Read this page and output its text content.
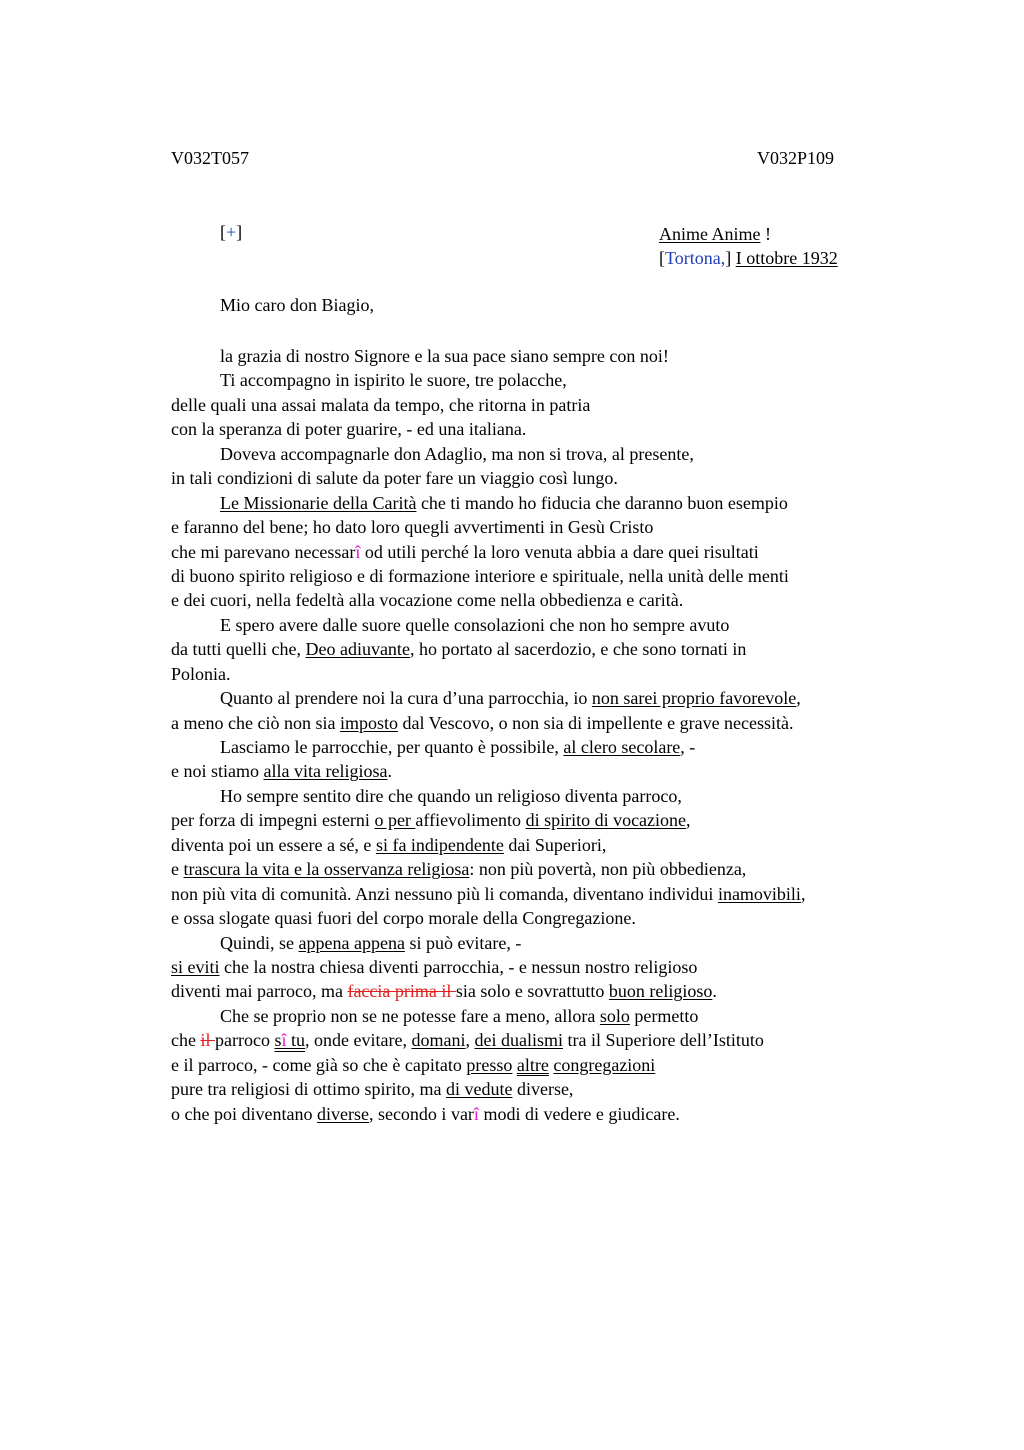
V032T057	V032P109
[+]	Anime Anime !
[Tortona,] I ottobre 1932
Mio caro don Biagio,
la grazia di nostro Signore e la sua pace siano sempre con noi!
Ti accompagno in ispirito le suore, tre polacche,
delle quali una assai malata da tempo, che ritorna in patria
con la speranza di poter guarire, - ed una italiana.
Doveva accompagnarle don Adaglio, ma non si trova, al presente,
in tali condizioni di salute da poter fare un viaggio così lungo.
Le Missionarie della Carità che ti mando ho fiducia che daranno buon esempio
e faranno del bene; ho dato loro quegli avvertimenti in Gesù Cristo
che mi parevano necessarî od utili perché la loro venuta abbia a dare quei risultati
di buono spirito religioso e di formazione interiore e spirituale, nella unità delle menti
e dei cuori, nella fedeltà alla vocazione come nella obbedienza e carità.
E spero avere dalle suore quelle consolazioni che non ho sempre avuto
da tutti quelli che, Deo adiuvante, ho portato al sacerdozio, e che sono tornati in
Polonia.
Quanto al prendere noi la cura d’una parrocchia, io non sarei proprio favorevole,
a meno che ciò non sia imposto dal Vescovo, o non sia di impellente e grave necessità.
Lasciamo le parrocchie, per quanto è possibile, al clero secolare, -
e noi stiamo alla vita religiosa.
Ho sempre sentito dire che quando un religioso diventa parroco,
per forza di impegni esterni o per affievolimento di spirito di vocazione,
diventa poi un essere a sé, e si fa indipendente dai Superiori,
e trascura la vita e la osservanza religiosa: non più povertà, non più obbedienza,
non più vita di comunità. Anzi nessuno più li comanda, diventano individui inamovibili,
e ossa slogate quasi fuori del corpo morale della Congregazione.
Quindi, se appena appena si può evitare, -
si eviti che la nostra chiesa diventi parrocchia, - e nessun nostro religioso
diventi mai parroco, ma faccia prima il sia solo e sovrattutto buon religioso.
Che se proprio non se ne potesse fare a meno, allora solo permetto
che il parroco sî tu, onde evitare, domani, dei dualismi tra il Superiore dell’Istituto
e il parroco, - come già so che è capitato presso altre congregazioni
pure tra religiosi di ottimo spirito, ma di vedute diverse,
o che poi diventano diverse, secondo i varî modi di vedere e giudicare.
